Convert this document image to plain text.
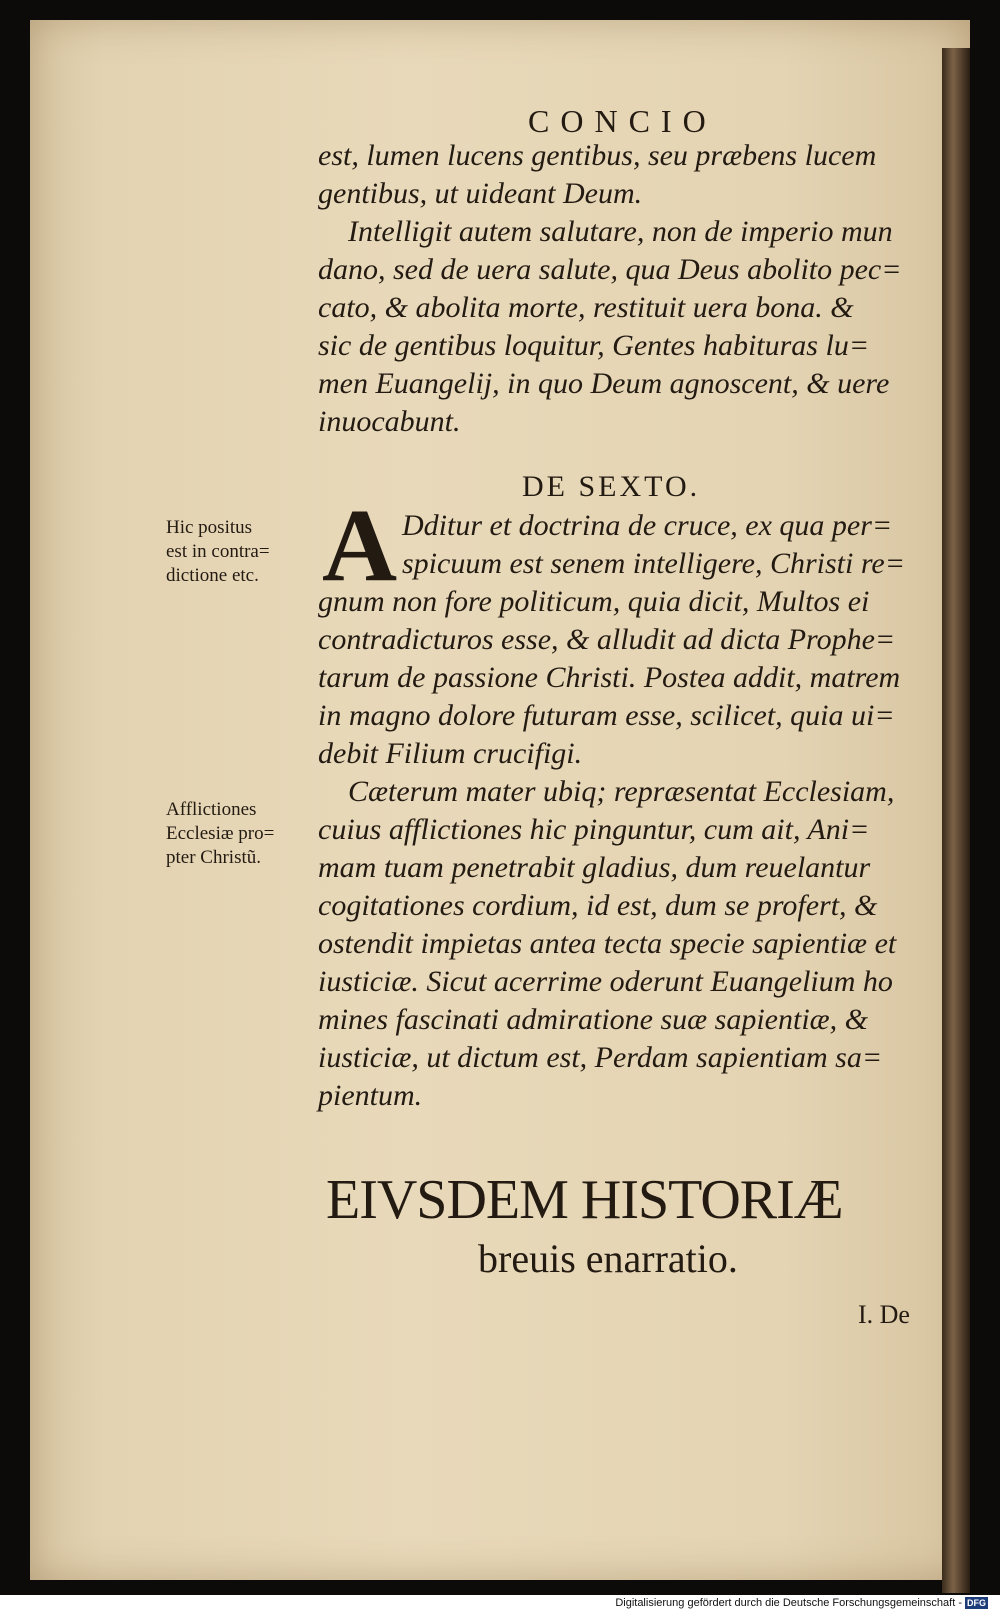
CONCIO
est, lumen lucens gentibus, seu præbens lucem
gentibus, ut uideant Deum.
Intelligit autem salutare, non de imperio mun
dano, sed de uera salute, qua Deus abolito pec=
cato, & abolita morte, restituit uera bona. &
sic de gentibus loquitur, Gentes habituras lu=
men Euangelij, in quo Deum agnoscent, & uere
inuocabunt.
DE SEXTO.
A Dditur et doctrina de cruce, ex qua per=
spicuum est senem intelligere, Christi re=
gnum non fore politicum, quia dicit, Multos ei
contradicturos esse, & alludit ad dicta Prophe=
tarum de passione Christi. Postea addit, matrem
in magno dolore futuram esse, scilicet, quia ui=
debit Filium crucifigi.
Cæterum mater ubiq; repræsentat Ecclesiam,
cuius afflictiones hic pinguntur, cum ait, Ani=
mam tuam penetrabit gladius, dum reuelantur
cogitationes cordium, id est, dum se profert, &
ostendit impietas antea tecta specie sapientiæ et
iusticiæ. Sicut acerrime oderunt Euangelium ho
mines fascinati admiratione suæ sapientiæ, &
iusticiæ, ut dictum est, Perdam sapientiam sa=
pientum.
Hic positus
est in contra=
dictione etc.
Afflictiones
Ecclesiæ pro=
pter Christũ.
EIVSDEM HISTORIÆ
breuis enarratio.
I. De
Digitalisierung gefördert durch die Deutsche Forschungsgemeinschaft - DFG
